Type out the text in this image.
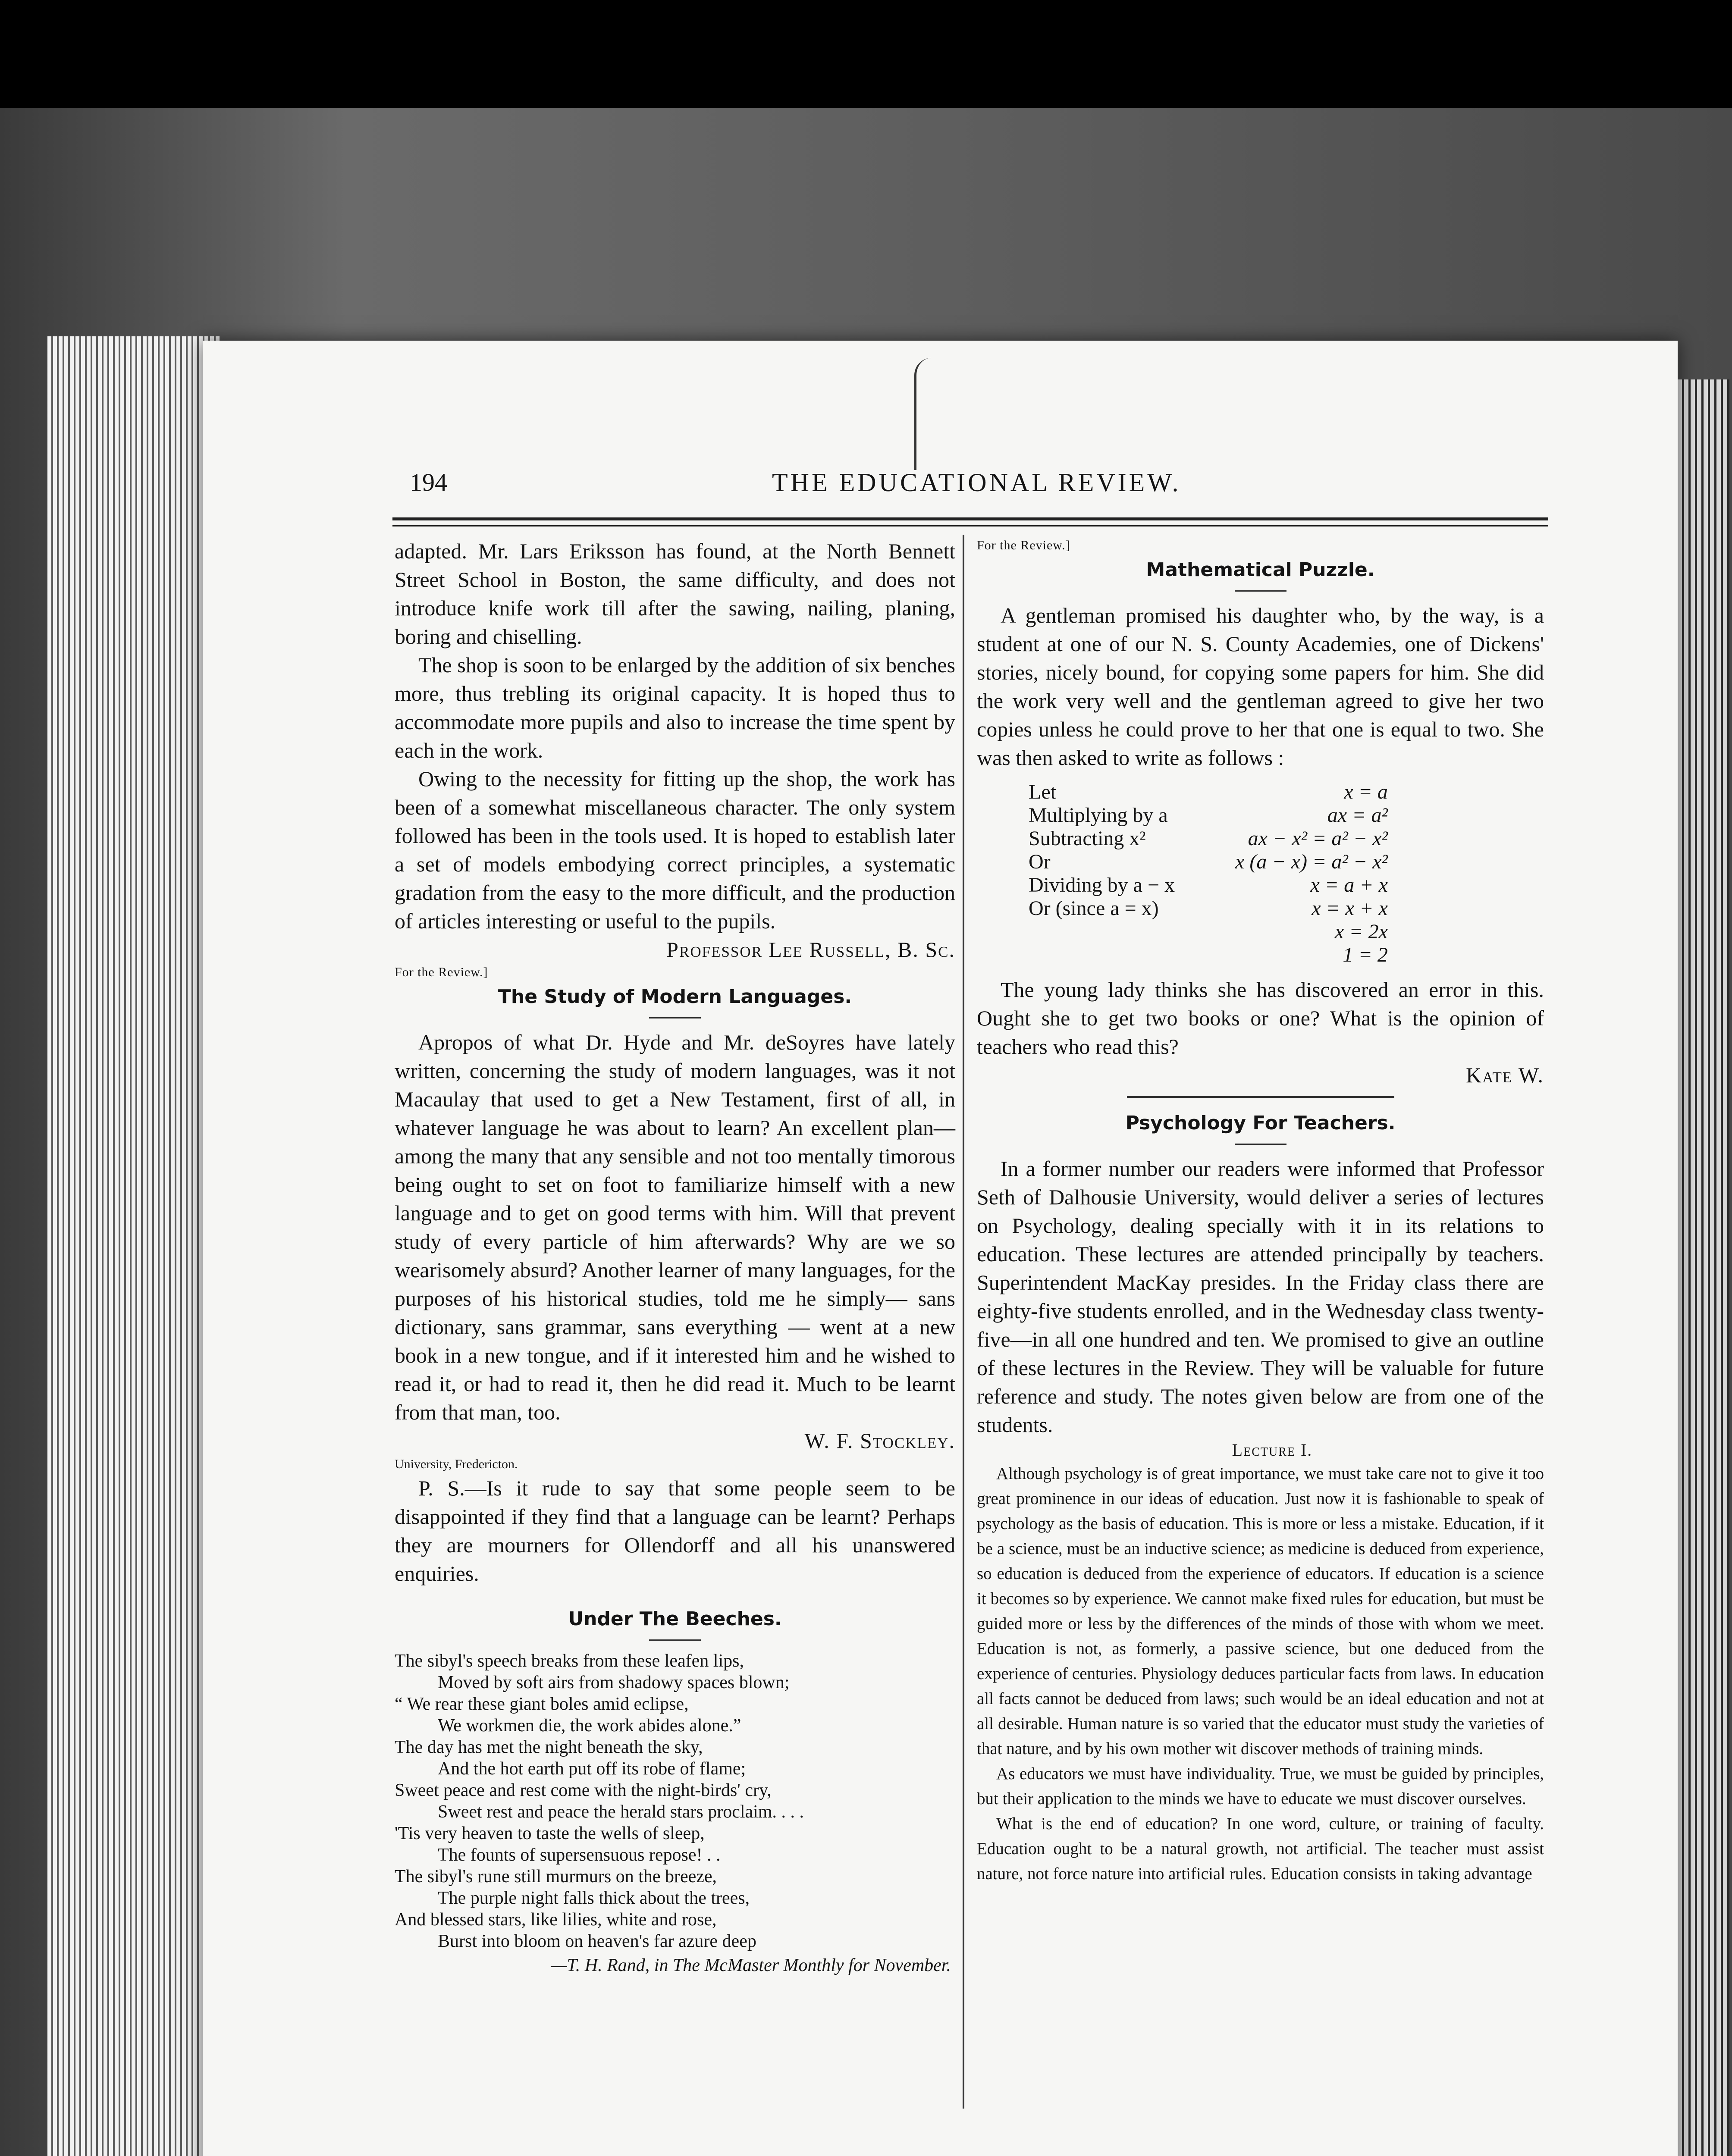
194	THE EDUCATIONAL REVIEW.

adapted. Mr. Lars Eriksson has found, at the North Bennett Street School in Boston, the same difficulty, and does not introduce knife work till after the sawing, nailing, planing, boring and chiselling.

The shop is soon to be enlarged by the addition of six benches more, thus trebling its original capacity. It is hoped thus to accommodate more pupils and also to increase the time spent by each in the work.

Owing to the necessity for fitting up the shop, the work has been of a somewhat miscellaneous character. The only system followed has been in the tools used. It is hoped to establish later a set of models embodying correct principles, a systematic gradation from the easy to the more difficult, and the production of articles interesting or useful to the pupils.

Professor Lee Russell, B. Sc.

For the Review.]
The Study of Modern Languages.

Apropos of what Dr. Hyde and Mr. deSoyres have lately written, concerning the study of modern languages, was it not Macaulay that used to get a New Testament, first of all, in whatever language he was about to learn? An excellent plan—among the many that any sensible and not too mentally timorous being ought to set on foot to familiarize himself with a new language and to get on good terms with him. Will that prevent study of every particle of him afterwards? Why are we so wearisomely absurd? Another learner of many languages, for the purposes of his historical studies, told me he simply— sans dictionary, sans grammar, sans everything — went at a new book in a new tongue, and if it interested him and he wished to read it, or had to read it, then he did read it. Much to be learnt from that man, too.

W. F. Stockley.

University, Fredericton.

P. S.—Is it rude to say that some people seem to be disappointed if they find that a language can be learnt? Perhaps they are mourners for Ollendorff and all his unanswered enquiries.

Under The Beeches.
The sibyl's speech breaks from these leafen lips,
Moved by soft airs from shadowy spaces blown;
“ We rear these giant boles amid eclipse,
We workmen die, the work abides alone.”
The day has met the night beneath the sky,
And the hot earth put off its robe of flame;
Sweet peace and rest come with the night-birds' cry,
Sweet rest and peace the herald stars proclaim. . . .
'Tis very heaven to taste the wells of sleep,
The founts of supersensuous repose! . .
The sibyl's rune still murmurs on the breeze,
The purple night falls thick about the trees,
And blessed stars, like lilies, white and rose,
Burst into bloom on heaven's far azure deep
—T. H. Rand, in The McMaster Monthly for November.
For the Review.]
Mathematical Puzzle.

A gentleman promised his daughter who, by the way, is a student at one of our N. S. County Academies, one of Dickens' stories, nicely bound, for copying some papers for him. She did the work very well and the gentleman agreed to give her two copies unless he could prove to her that one is equal to two. She was then asked to write as follows :

Let	x = a
Multiplying by a	ax = a²
Subtracting x²	ax − x² = a² − x²
Or	x (a − x) = a² − x²
Dividing by a − x	x = a + x
Or (since a = x)	x = x + x
	x = 2x
	1 = 2

The young lady thinks she has discovered an error in this. Ought she to get two books or one? What is the opinion of teachers who read this?

Kate W.

Psychology For Teachers.

In a former number our readers were informed that Professor Seth of Dalhousie University, would deliver a series of lectures on Psychology, dealing specially with it in its relations to education. These lectures are attended principally by teachers. Superintendent MacKay presides. In the Friday class there are eighty-five students enrolled, and in the Wednesday class twenty-five—in all one hundred and ten. We promised to give an outline of these lectures in the Review. They will be valuable for future reference and study. The notes given below are from one of the students.

Lecture I.

Although psychology is of great importance, we must take care not to give it too great prominence in our ideas of education. Just now it is fashionable to speak of psychology as the basis of education. This is more or less a mistake. Education, if it be a science, must be an inductive science; as medicine is deduced from experience, so education is deduced from the experience of educators. If education is a science it becomes so by experience. We cannot make fixed rules for education, but must be guided more or less by the differences of the minds of those with whom we meet. Education is not, as formerly, a passive science, but one deduced from the experience of centuries. Physiology deduces particular facts from laws. In education all facts cannot be deduced from laws; such would be an ideal education and not at all desirable. Human nature is so varied that the educator must study the varieties of that nature, and by his own mother wit discover methods of training minds.

As educators we must have individuality. True, we must be guided by principles, but their application to the minds we have to educate we must discover ourselves.

What is the end of education? In one word, culture, or training of faculty. Education ought to be a natural growth, not artificial. The teacher must assist nature, not force nature into artificial rules. Education consists in taking advantage
